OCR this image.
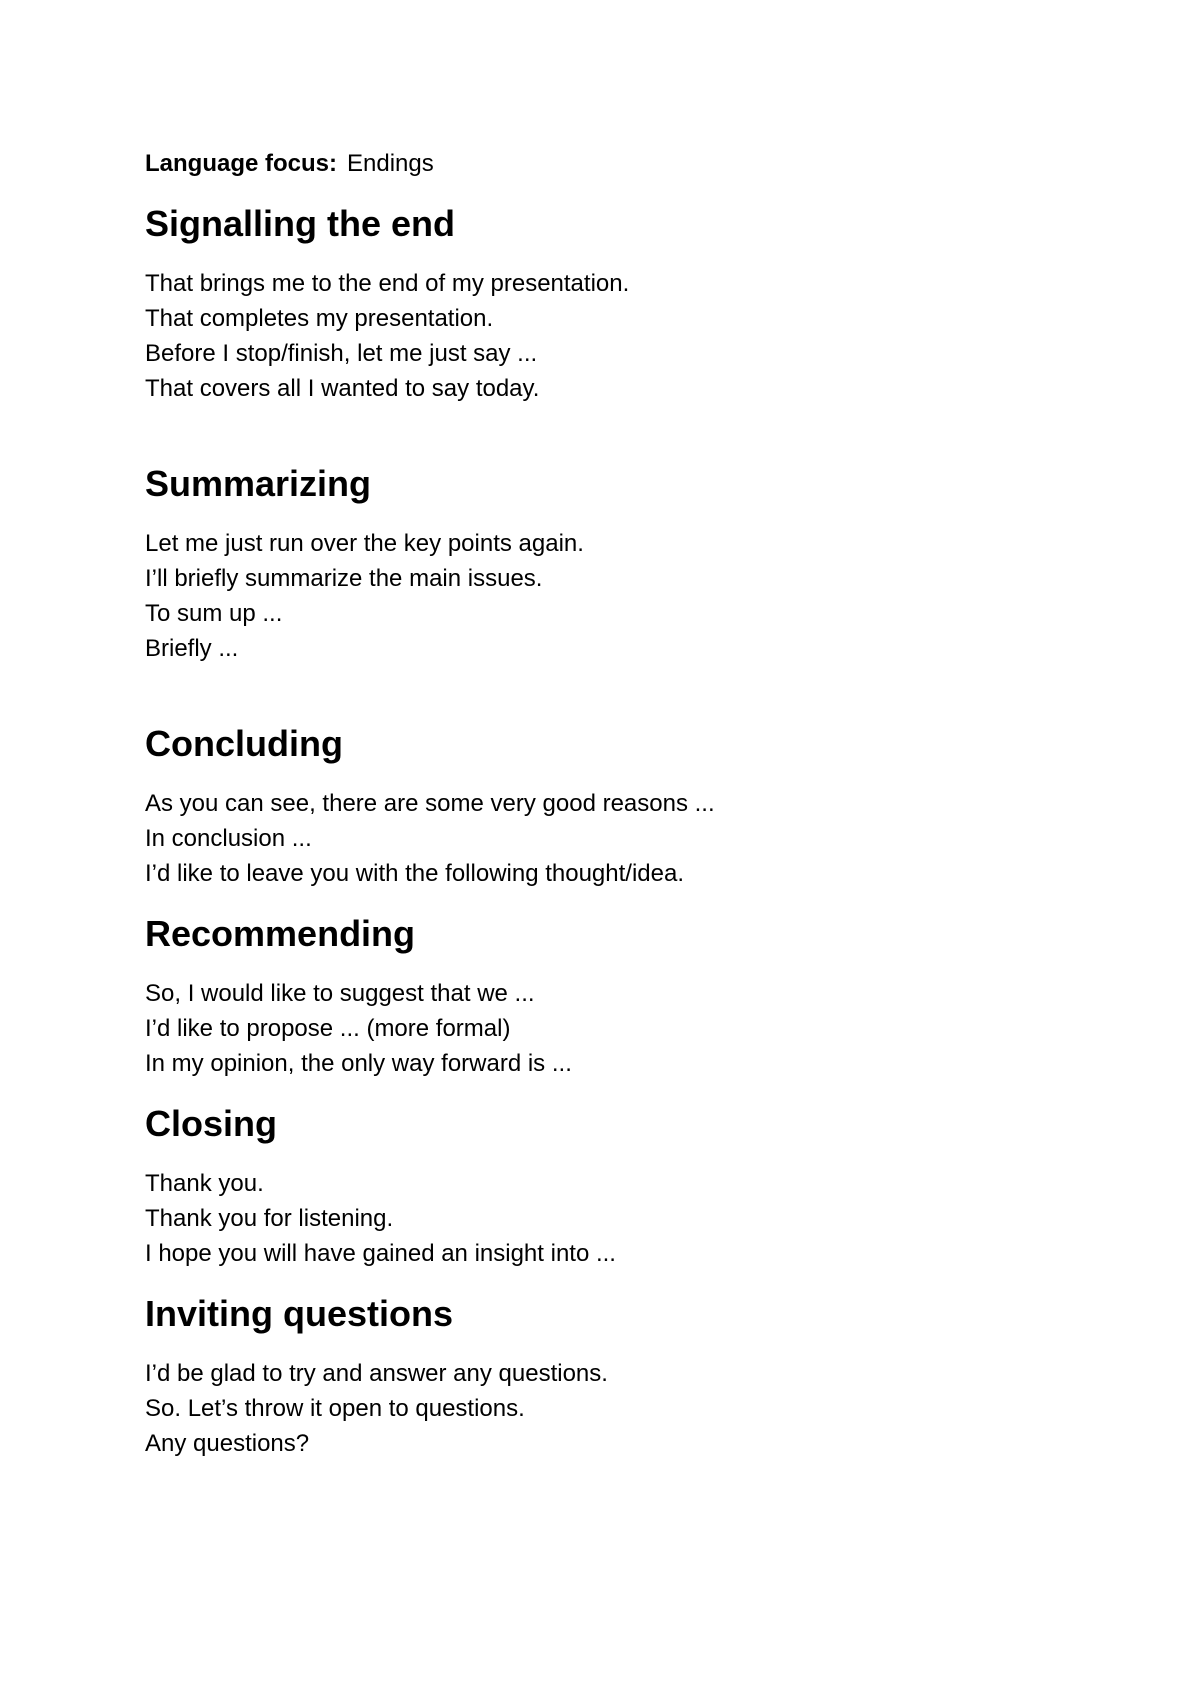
Language focus: Endings

Signalling the end
That brings me to the end of my presentation.
That completes my presentation.
Before I stop/finish, let me just say ...
That covers all I wanted to say today.
Summarizing
Let me just run over the key points again.
I’ll briefly summarize the main issues.
To sum up ...
Briefly ...
Concluding
As you can see, there are some very good reasons ...
In conclusion ...
I’d like to leave you with the following thought/idea.
Recommending
So, I would like to suggest that we ...
I’d like to propose ... (more formal)
In my opinion, the only way forward is ...
Closing
Thank you.
Thank you for listening.
I hope you will have gained an insight into ...
Inviting questions
I’d be glad to try and answer any questions.
So. Let’s throw it open to questions.
Any questions?
